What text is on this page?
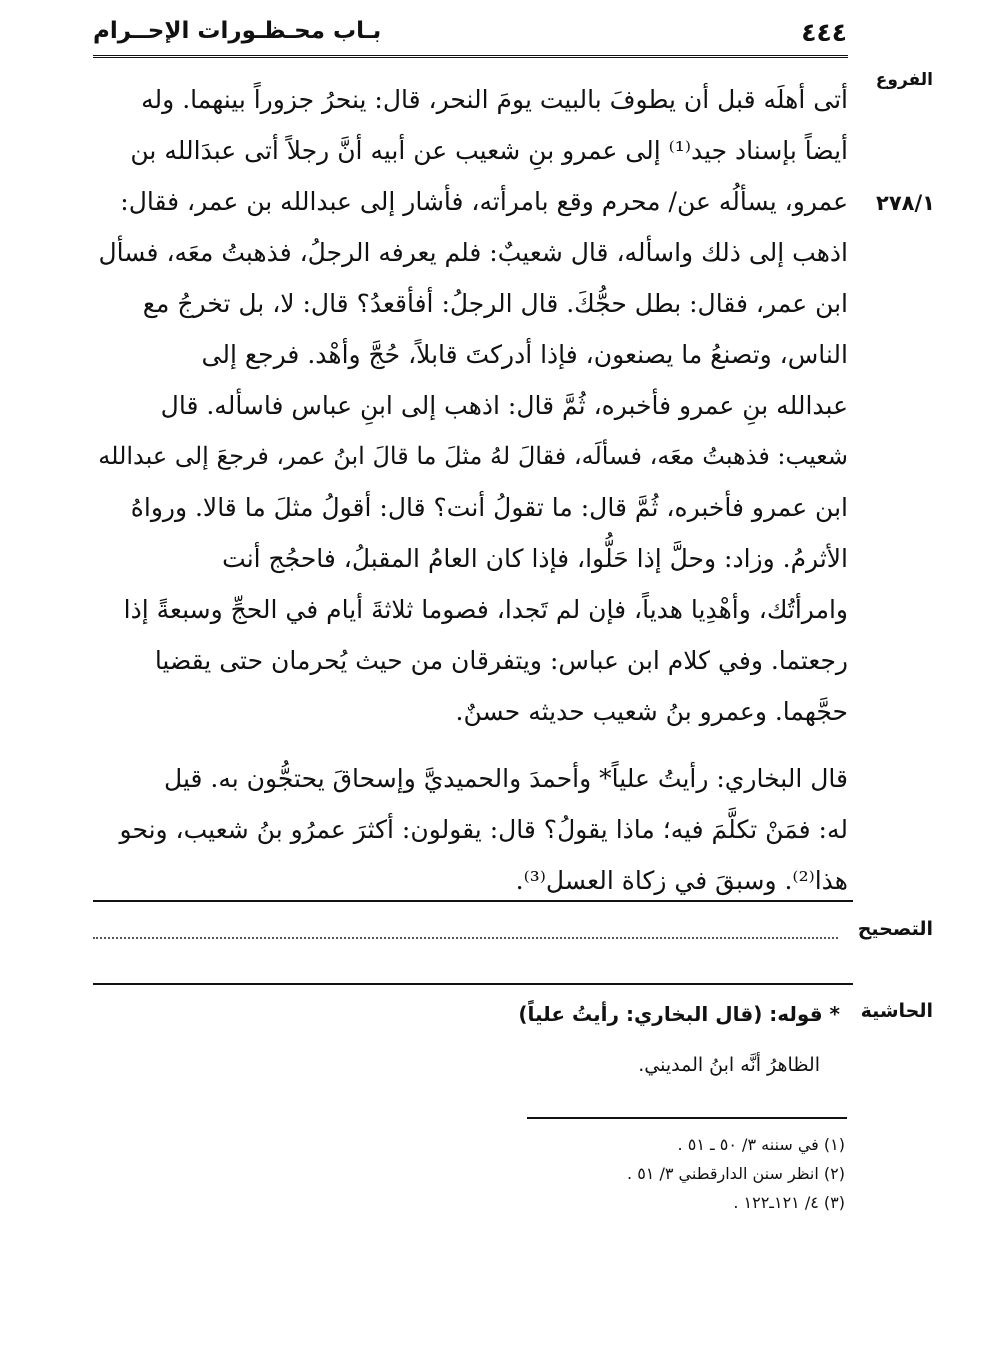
٤٤٤
بـاب محـظـورات الإحــرام
الفروع
٢٧٨/١
أتى أهلَه قبل أن يطوفَ بالبيت يومَ النحر، قال: ينحرُ جزوراً بينهما. وله
أيضاً بإسناد جيد⁽¹⁾ إلى عمرو بنِ شعيب عن أبيه أنَّ رجلاً أتى عبدَالله بن
عمرو، يسألُه عن/ محرم وقع بامرأته، فأشار إلى عبدالله بن عمر، فقال:
اذهب إلى ذلك واسأله، قال شعيبٌ: فلم يعرفه الرجلُ، فذهبتُ معَه، فسأل
ابن عمر، فقال: بطل حجُّكَ. قال الرجلُ: أفأقعدُ؟ قال: لا، بل تخرجُ مع
الناس، وتصنعُ ما يصنعون، فإذا أدركتَ قابلاً، حُجَّ وأهْد. فرجع إلى
عبدالله بنِ عمرو فأخبره، ثُمَّ قال: اذهب إلى ابنِ عباس فاسأله. قال
شعيب: فذهبتُ معَه، فسألَه، فقالَ لهُ مثلَ ما قالَ ابنُ عمر، فرجعَ إلى عبدالله
ابن عمرو فأخبره، ثُمَّ قال: ما تقولُ أنت؟ قال: أقولُ مثلَ ما قالا. ورواهُ
الأثرمُ. وزاد: وحلَّ إذا حَلُّوا، فإذا كان العامُ المقبلُ، فاحجُج أنت
وامرأتُك، وأهْدِيا هدياً، فإن لم تَجدا، فصوما ثلاثةَ أيام في الحجِّ وسبعةً إذا
رجعتما. وفي كلام ابن عباس: ويتفرقان من حيث يُحرمان حتى يقضيا
حجَّهما. وعمرو بنُ شعيب حديثه حسنٌ.
قال البخاري: رأيتُ علياً* وأحمدَ والحميديَّ وإسحاقَ يحتجُّون به. قيل
له: فمَنْ تكلَّمَ فيه؛ ماذا يقولُ؟ قال: يقولون: أكثرَ عمرُو بنُ شعيب، ونحو
هذا⁽²⁾. وسبقَ في زكاة العسل⁽³⁾.
التصحيح
الحاشية
* قوله: (قال البخاري: رأيتُ علياً)
الظاهرُ أنَّه ابنُ المديني.
(١) في سننه ٣/ ٥٠ ـ ٥١ .
(٢) انظر سنن الدارقطني ٣/ ٥١ .
(٣) ٤/ ١٢١ـ١٢٢ .
